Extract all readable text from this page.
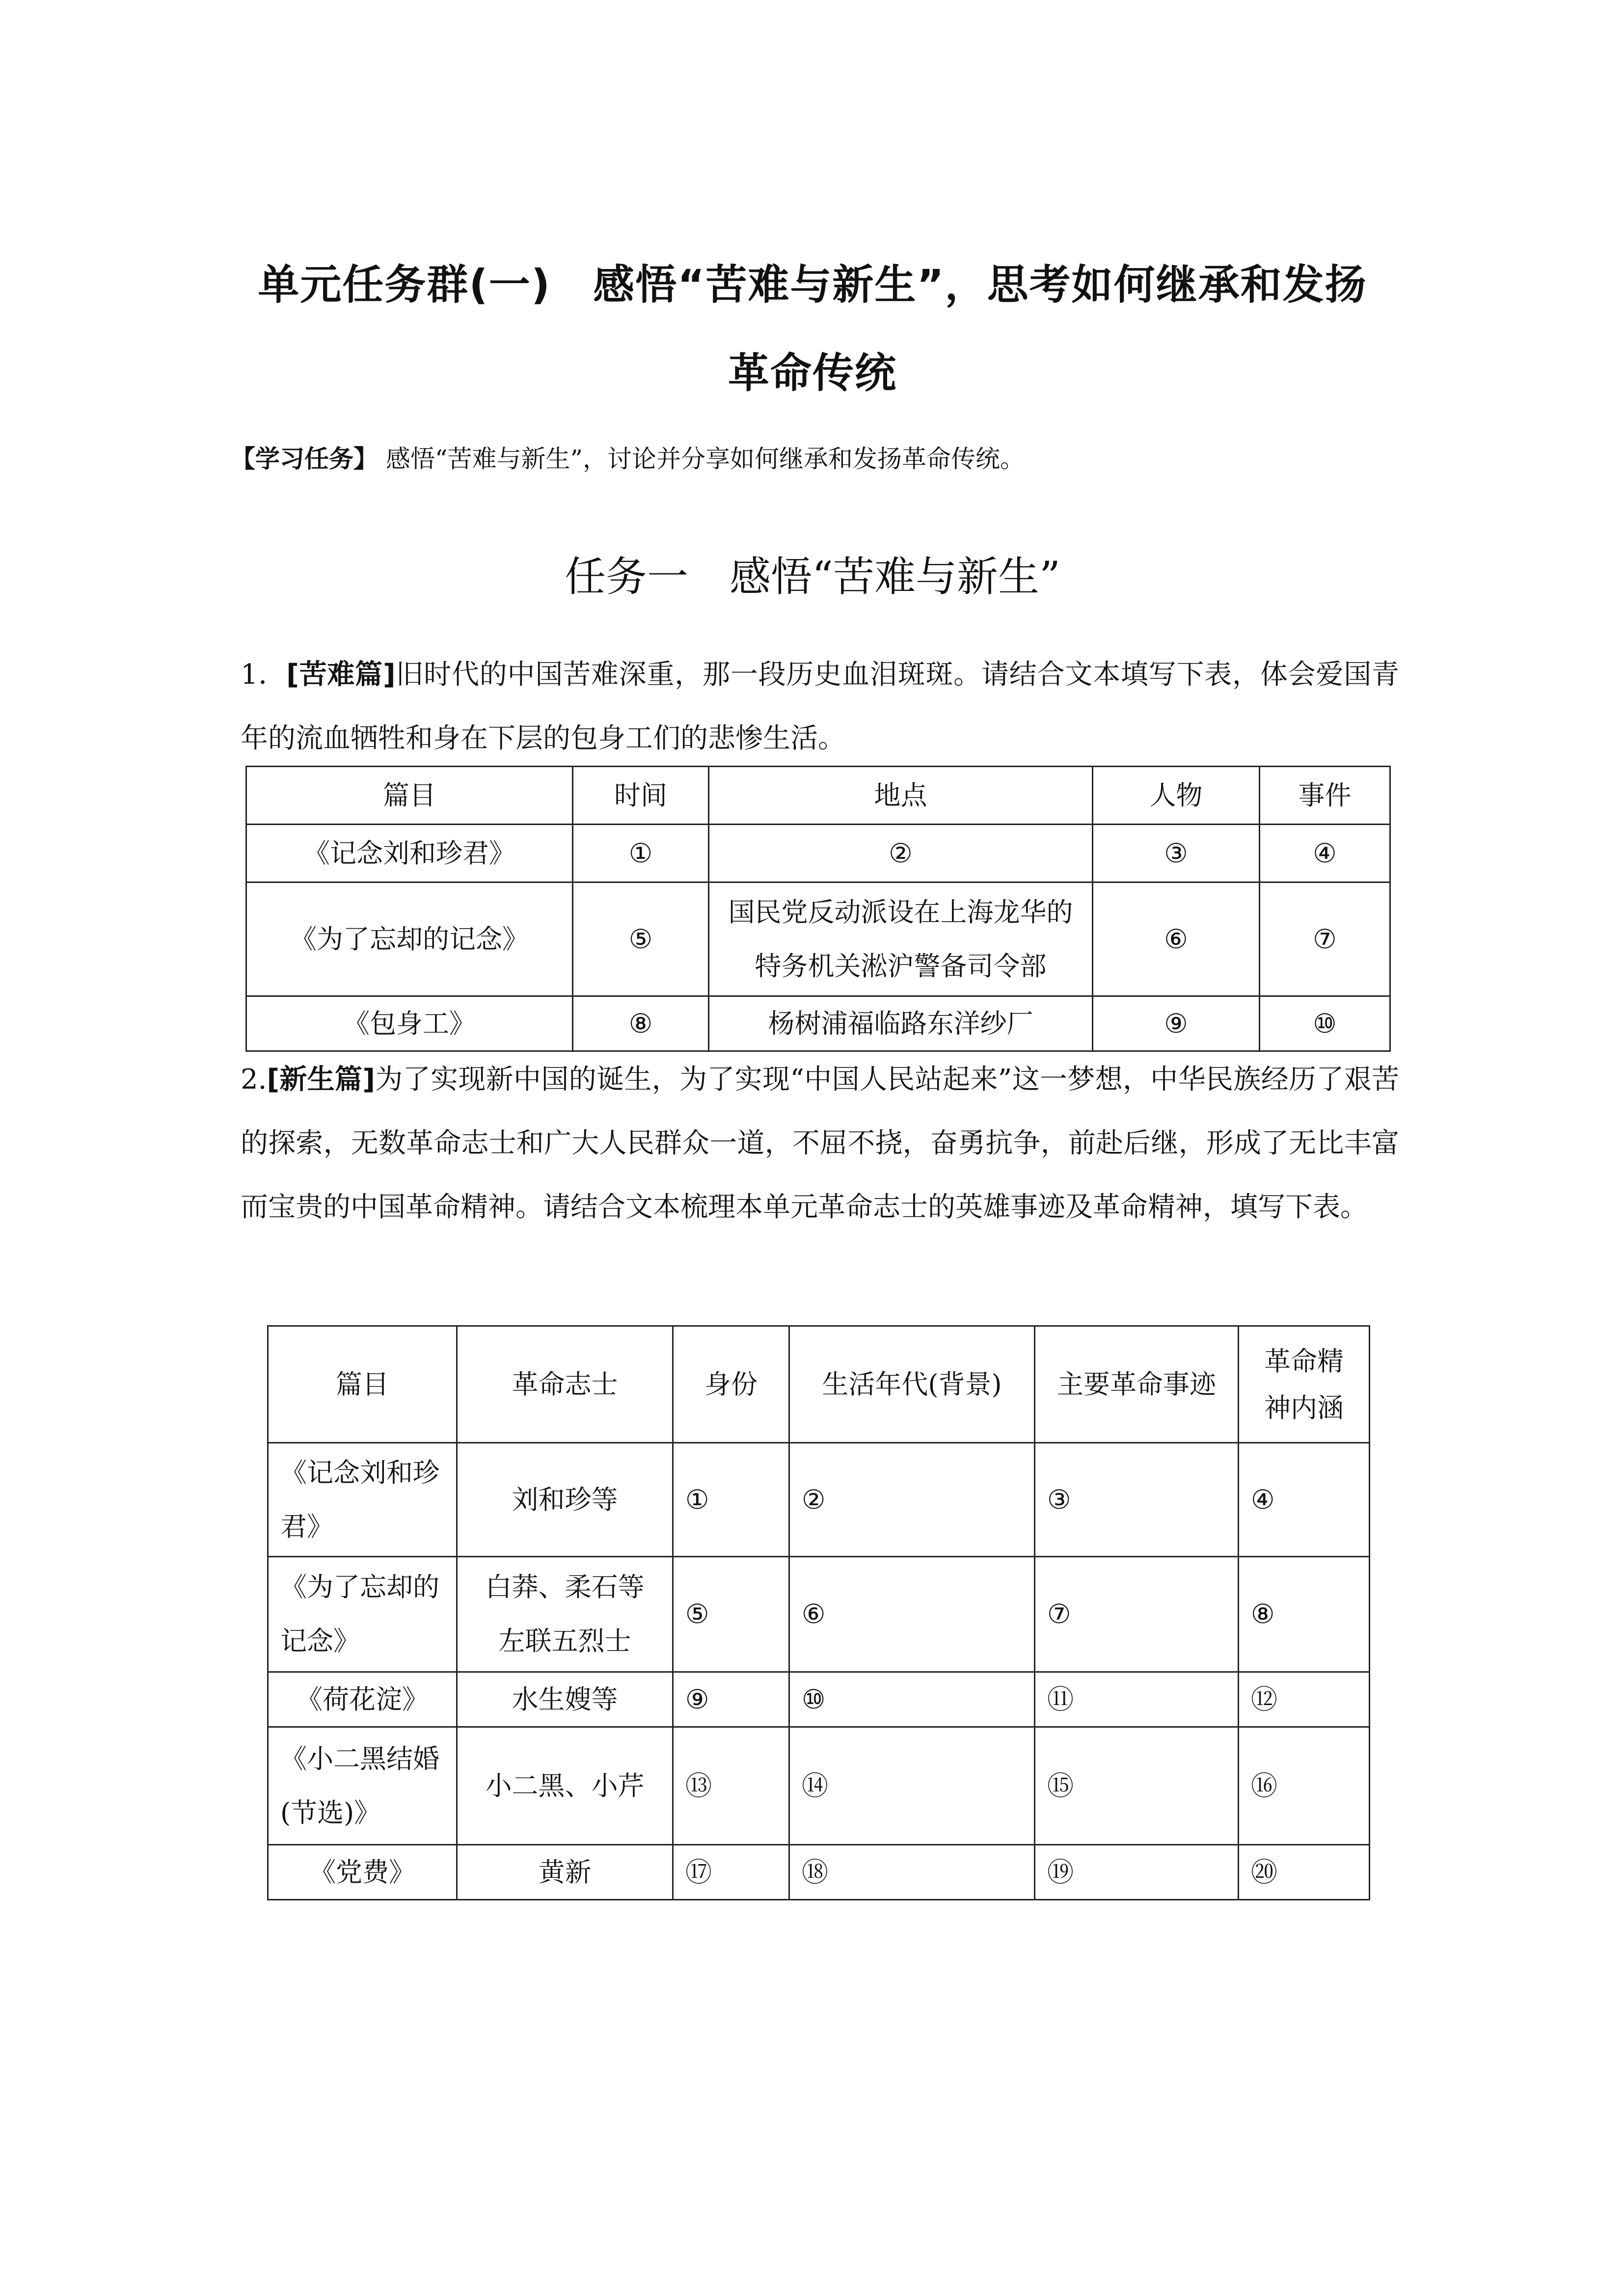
单元任务群(一)　感悟“苦难与新生”，思考如何继承和发扬
革命传统
【学习任务】 感悟“苦难与新生”，讨论并分享如何继承和发扬革命传统。
任务一　感悟“苦难与新生”
1．[苦难篇]旧时代的中国苦难深重，那一段历史血泪斑斑。请结合文本填写下表，体会爱国青年的流血牺牲和身在下层的包身工们的悲惨生活。
篇目	时间	地点	人物	事件
《记念刘和珍君》	①	②	③	④
《为了忘却的记念》	⑤	国民党反动派设在上海龙华的特务机关淞沪警备司令部	⑥	⑦
《包身工》	⑧	杨树浦福临路东洋纱厂	⑨	⑩
2.[新生篇]为了实现新中国的诞生，为了实现“中国人民站起来”这一梦想，中华民族经历了艰苦的探索，无数革命志士和广大人民群众一道，不屈不挠，奋勇抗争，前赴后继，形成了无比丰富而宝贵的中国革命精神。请结合文本梳理本单元革命志士的英雄事迹及革命精神，填写下表。
篇目	革命志士	身份	生活年代(背景)	主要革命事迹	革命精神内涵
《记念刘和珍君》	刘和珍等	①	②	③	④
《为了忘却的记念》	白莽、柔石等左联五烈士	⑤	⑥	⑦	⑧
《荷花淀》	水生嫂等	⑨	⑩	⑪	⑫
《小二黑结婚(节选)》	小二黑、小芹	⑬	⑭	⑮	⑯
《党费》	黄新	⑰	⑱	⑲	⑳
